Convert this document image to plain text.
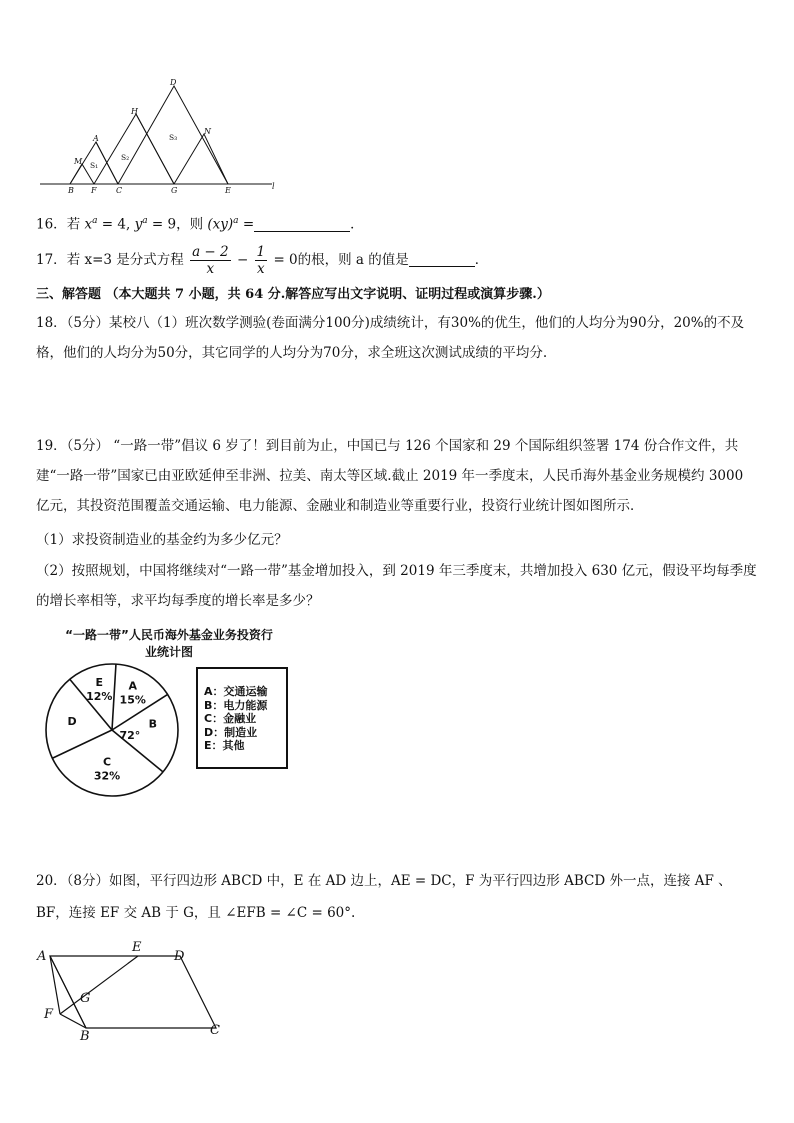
D
H
N
A
M
B F C	G	E	l
S₁
S₂
S₃
16．若 $x^a = 4$, $y^a = 9$，则 (xy)$^a$ =	．
17．若 x=3 是分式方程 $\frac{a - 2}{x} - \frac{1}{x} = 0$的根，则 a 的值是	．
三、解答题 （本大题共 7 小题，共 64 分.解答应写出文字说明、证明过程或演算步骤.）
18．（5分）某校八（1）班次数学测验(卷面满分100分)成绩统计，有30%的优生，他们的人均分为90分，20%的不及格，他们的人均分为50分，其它同学的人均分为70分，求全班这次测试成绩的平均分.
19．（5分） “一路一带”倡议 6 岁了！到目前为止，中国已与 126 个国家和 29 个国际组织签署 174 份合作文件，共建“一路一带”国家已由亚欧延伸至非洲、拉美、南太等区域.截止 2019 年一季度末，人民币海外基金业务规模约 3000 亿元，其投资范围覆盖交通运输、电力能源、金融业和制造业等重要行业，投资行业统计图如图所示．
（1）求投资制造业的基金约为多少亿元？
（2）按照规划，中国将继续对“一路一带”基金增加投入，到 2019 年三季度末，共增加投入 630 亿元，假设平均每季度的增长率相等，求平均每季度的增长率是多少？
“一路一带”人民币海外基金业务投资行
业统计图
A
15%
B
72°
C
32%
D
E
12%	A：交通运输
B：电力能源
C：金融业
D：制造业
E：其他
20．（8分）如图，平行四边形 ABCD 中，E 在 AD 边上，AE = DC，F 为平行四边形 ABCD 外一点，连接 AF 、
BF，连接 EF 交 AB 于 G，且 ∠EFB = ∠C = 60°.
A
E
D
G
F
B	C
